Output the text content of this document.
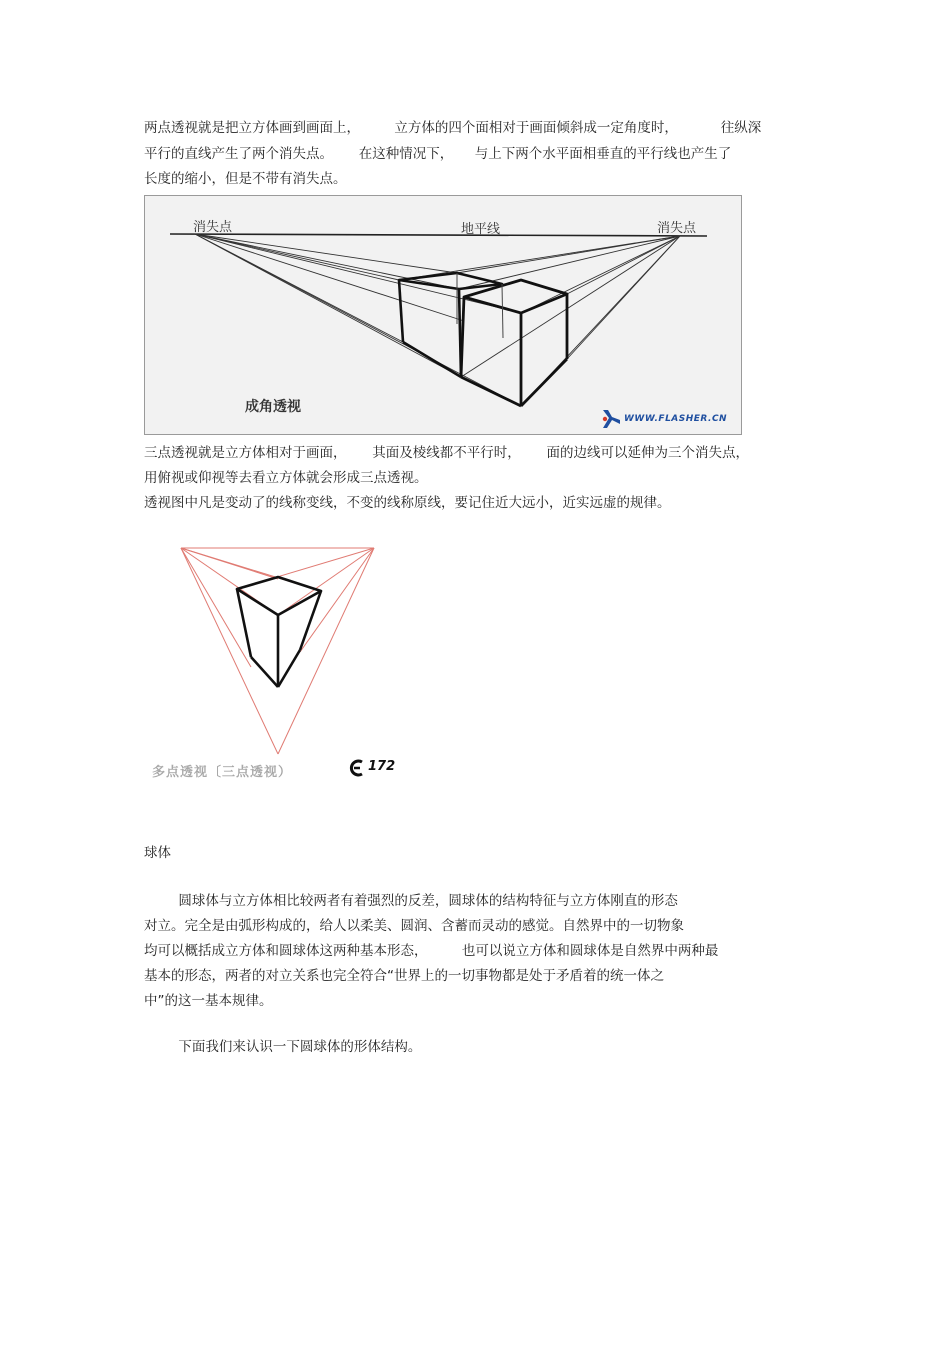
两点透视就是把立方体画到画面上，        立方体的四个面相对于画面倾斜成一定角度时，          往纵深
平行的直线产生了两个消失点。      在这种情况下，     与上下两个水平面相垂直的平行线也产生了
长度的缩小，但是不带有消失点。
消失点	地平线	消失点
成角透视
WWW.FLASHER.CN
三点透视就是立方体相对于画面，      其面及棱线都不平行时，      面的边线可以延伸为三个消失点，
用俯视或仰视等去看立方体就会形成三点透视。
透视图中凡是变动了的线称变线，不变的线称原线，要记住近大远小，近实远虚的规律。
多点透视〔三点透视）	172
球体
圆球体与立方体相比较两者有着强烈的反差，圆球体的结构特征与立方体刚直的形态
对立。完全是由弧形构成的，给人以柔美、圆润、含蓄而灵动的感觉。自然界中的一切物象
均可以概括成立方体和圆球体这两种基本形态，        也可以说立方体和圆球体是自然界中两种最
基本的形态，两者的对立关系也完全符合“世界上的一切事物都是处于矛盾着的统一体之
中”的这一基本规律。
下面我们来认识一下圆球体的形体结构。
